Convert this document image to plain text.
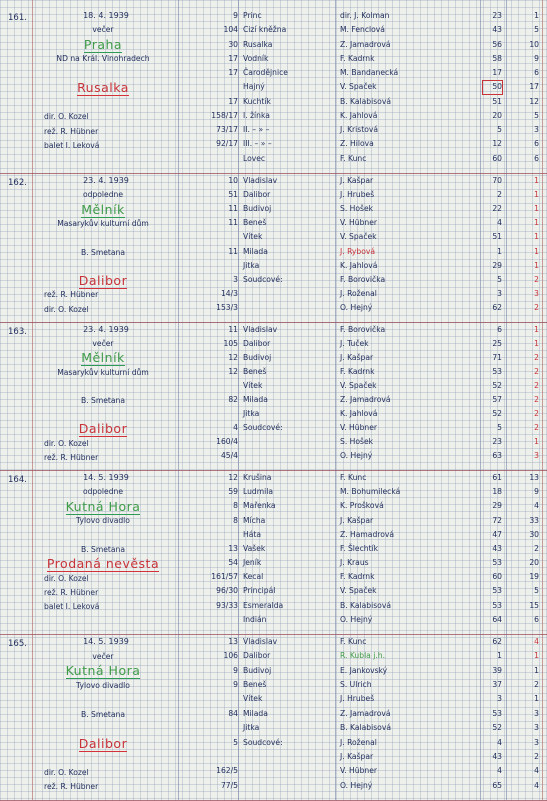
161.	18. 4. 1939
večer
Praha
ND na Král. Vinohradech
Rusalka
dir. O. Kozel
rež. R. Hübner
balet I. Leková
9 Princ	dir. J. Kolman	23	1
104 Cizí kněžna	M. Fenclová	43	5
30 Rusalka	Z. Jamadrová	56	10
17 Vodník	F. Kadrnk	58	9
17 Čarodějnice	M. Bandanecká	17	6
Hajný	V. Spaček	50	17
17 Kuchtík	B. Kalabisová	51	12
158/17 I. žínka	K. Jahlová	20	5
73/17 II. – » –	J. Kristová	5	3
92/17 III. – » –	Z. Hilova	12	6
Lovec	F. Kunc	60	6
162.	23. 4. 1939
odpoledne
Mělník
Masarykův kulturní dům
B. Smetana
Dalibor
rež. R. Hübner
dir. O. Kozel
10 Vladislav	J. Kašpar	70	1
51 Dalibor	J. Hrubeš	2	1
11 Budivoj	S. Hošek	22	1
11 Beneš	V. Hübner	4	1
Vítek	V. Spaček	51	1
11 Milada	J. Rybová	1	1
Jitka	K. Jahlová	29	1
3 Soudcové:	F. Borovička	5	2
14/3	J. Roženal	3	3
153/3	O. Hejný	62	2
163.	23. 4. 1939
večer
Mělník
Masarykův kulturní dům
B. Smetana
Dalibor
dir. O. Kozel
rež. R. Hübner
11 Vladislav	F. Borovička	6	1
105 Dalibor	J. Tuček	25	1
12 Budivoj	J. Kašpar	71	2
12 Beneš	F. Kadrnk	53	2
Vítek	V. Spaček	52	2
82 Milada	Z. Jamadrová	57	2
Jitka	K. Jahlová	52	2
4 Soudcové:	V. Hübner	5	2
160/4	S. Hošek	23	1
45/4	O. Hejný	63	3
164.	14. 5. 1939
odpoledne
Kutná Hora
Tylovo divadlo
B. Smetana
Prodaná nevěsta
dir. O. Kozel
rež. R. Hübner
balet I. Leková
12 Krušina	F. Kunc	61	13
59 Ludmila	M. Bohumilecká	18	9
8 Mařenka	K. Prošková	29	4
8 Mícha	J. Kašpar	72	33
Háta	Z. Hamadrová	47	30
13 Vašek	F. Šlechtík	43	2
54 Jeník	J. Kraus	53	20
161/57 Kecal	F. Kadrnk	60	19
96/30 Principál	V. Spaček	53	5
93/33 Esmeralda	B. Kalabisová	53	15
Indián	O. Hejný	64	6
165.	14. 5. 1939
večer
Kutná Hora
Tylovo divadlo
B. Smetana
Dalibor
dir. O. Kozel
rež. R. Hübner
13 Vladislav	F. Kunc	62	4
106 Dalibor	R. Kubla j.h.	1	1
9 Budivoj	E. Jankovský	39	1
9 Beneš	S. Ulrich	37	2
Vítek	J. Hrubeš	3	1
84 Milada	Z. Jamadrová	53	3
Jitka	B. Kalabisová	52	3
5 Soudcové:	J. Roženal	4	3
J. Kašpar	43	2
162/5	V. Hübner	4	4
77/5	O. Hejný	65	4
